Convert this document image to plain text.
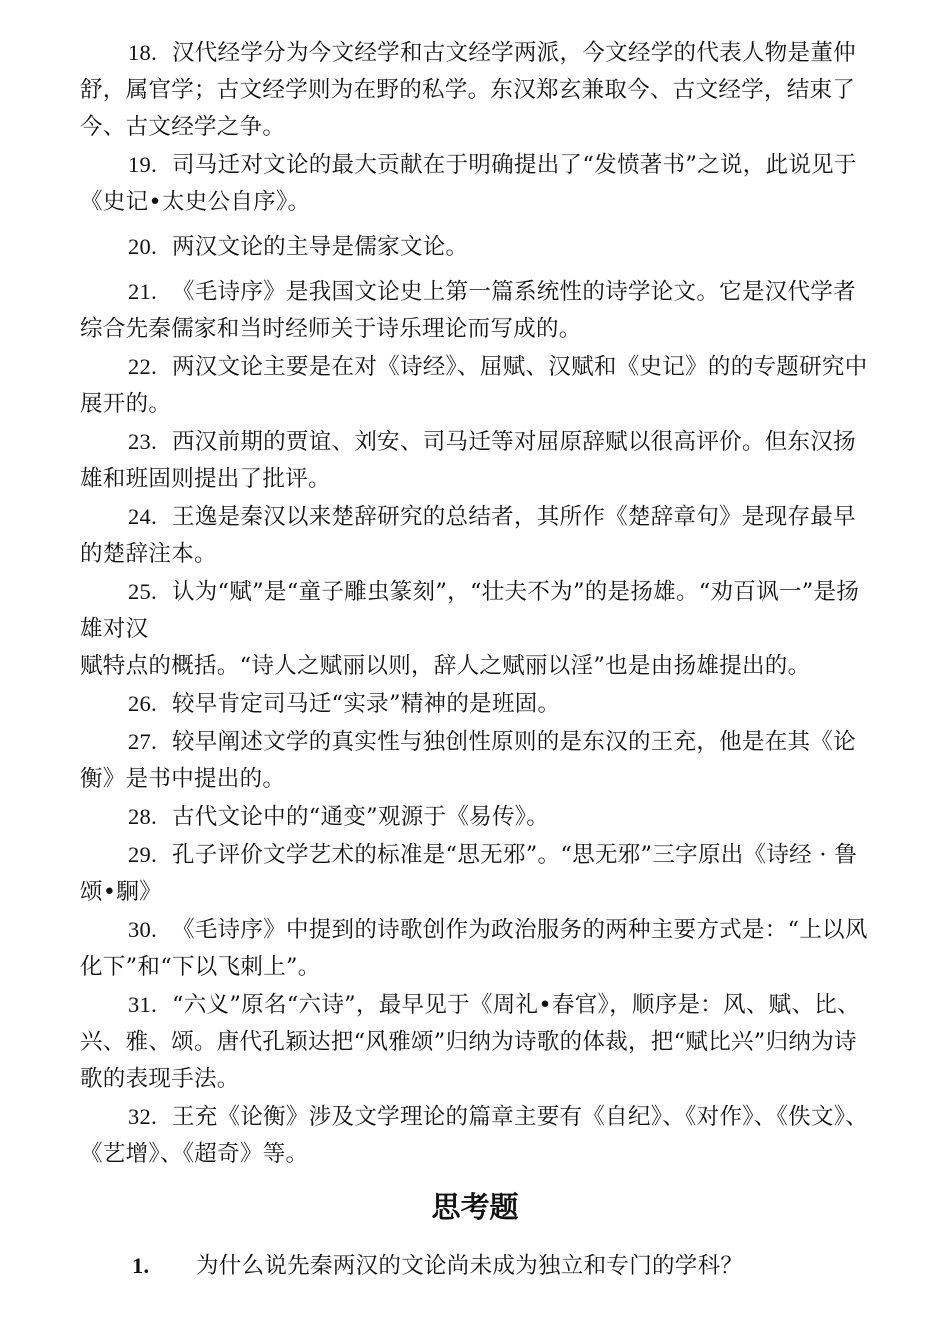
18. 汉代经学分为今文经学和古文经学两派，今文经学的代表人物是董仲舒，属官学；古文经学则为在野的私学。东汉郑玄兼取今、古文经学，结束了今、古文经学之争。

19. 司马迁对文论的最大贡献在于明确提出了“发愤著书”之说，此说见于《史记•太史公自序》。

20. 两汉文论的主导是儒家文论。

21. 《毛诗序》是我国文论史上第一篇系统性的诗学论文。它是汉代学者综合先秦儒家和当时经师关于诗乐理论而写成的。

22. 两汉文论主要是在对《诗经》、屈赋、汉赋和《史记》的的专题研究中展开的。

23. 西汉前期的贾谊、刘安、司马迁等对屈原辞赋以很高评价。但东汉扬雄和班固则提出了批评。

24. 王逸是秦汉以来楚辞研究的总结者，其所作《楚辞章句》是现存最早的楚辞注本。

25. 认为“赋”是“童子雕虫篆刻”，“壮夫不为”的是扬雄。“劝百讽一”是扬雄对汉

赋特点的概括。“诗人之赋丽以则，辞人之赋丽以淫”也是由扬雄提出的。

26. 较早肯定司马迁“实录”精神的是班固。

27. 较早阐述文学的真实性与独创性原则的是东汉的王充，他是在其《论衡》是书中提出的。

28. 古代文论中的“通变”观源于《易传》。

29. 孔子评价文学艺术的标准是“思无邪”。“思无邪”三字原出《诗经 · 鲁颂•駉》

30.  《毛诗序》中提到的诗歌创作为政治服务的两种主要方式是：“上以风化下”和“下以飞刺上”。

31. “六义”原名“六诗”，最早见于《周礼•春官》，顺序是：风、赋、比、兴、雅、颂。唐代孔颖达把“风雅颂”归纳为诗歌的体裁，把“赋比兴”归纳为诗歌的表现手法。

32. 王充《论衡》涉及文学理论的篇章主要有《自纪》、《对作》、《佚文》、《艺增》、《超奇》等。

思考题

1. 为什么说先秦两汉的文论尚未成为独立和专门的学科？
